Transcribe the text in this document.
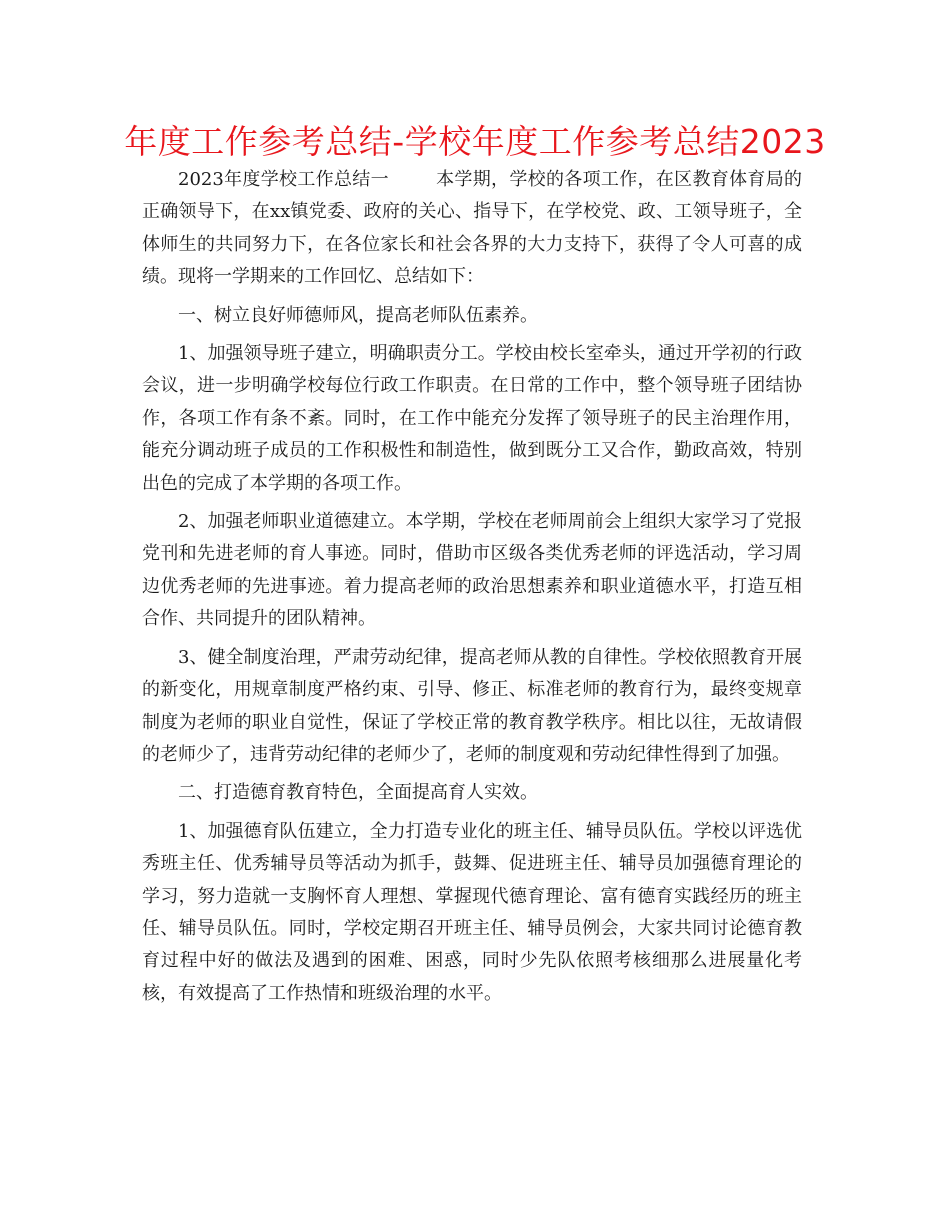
年度工作参考总结-学校年度工作参考总结2023

2023年度学校工作总结一	本学期，学校的各项工作，在区教育体育局的正确领导下，在xx镇党委、政府的关心、指导下，在学校党、政、工领导班子，全体师生的共同努力下，在各位家长和社会各界的大力支持下，获得了令人可喜的成绩。现将一学期来的工作回忆、总结如下：

一、树立良好师德师风，提高老师队伍素养。

1、加强领导班子建立，明确职责分工。学校由校长室牵头，通过开学初的行政会议，进一步明确学校每位行政工作职责。在日常的工作中，整个领导班子团结协作，各项工作有条不紊。同时，在工作中能充分发挥了领导班子的民主治理作用，能充分调动班子成员的工作积极性和制造性，做到既分工又合作，勤政高效，特别出色的完成了本学期的各项工作。

2、加强老师职业道德建立。本学期，学校在老师周前会上组织大家学习了党报党刊和先进老师的育人事迹。同时，借助市区级各类优秀老师的评选活动，学习周边优秀老师的先进事迹。着力提高老师的政治思想素养和职业道德水平，打造互相合作、共同提升的团队精神。

3、健全制度治理，严肃劳动纪律，提高老师从教的自律性。学校依照教育开展的新变化，用规章制度严格约束、引导、修正、标准老师的教育行为，最终变规章制度为老师的职业自觉性，保证了学校正常的教育教学秩序。相比以往，无故请假的老师少了，违背劳动纪律的老师少了，老师的制度观和劳动纪律性得到了加强。

二、打造德育教育特色，全面提高育人实效。

1、加强德育队伍建立，全力打造专业化的班主任、辅导员队伍。学校以评选优秀班主任、优秀辅导员等活动为抓手，鼓舞、促进班主任、辅导员加强德育理论的学习，努力造就一支胸怀育人理想、掌握现代德育理论、富有德育实践经历的班主任、辅导员队伍。同时，学校定期召开班主任、辅导员例会，大家共同讨论德育教育过程中好的做法及遇到的困难、困惑，同时少先队依照考核细那么进展量化考核，有效提高了工作热情和班级治理的水平。
